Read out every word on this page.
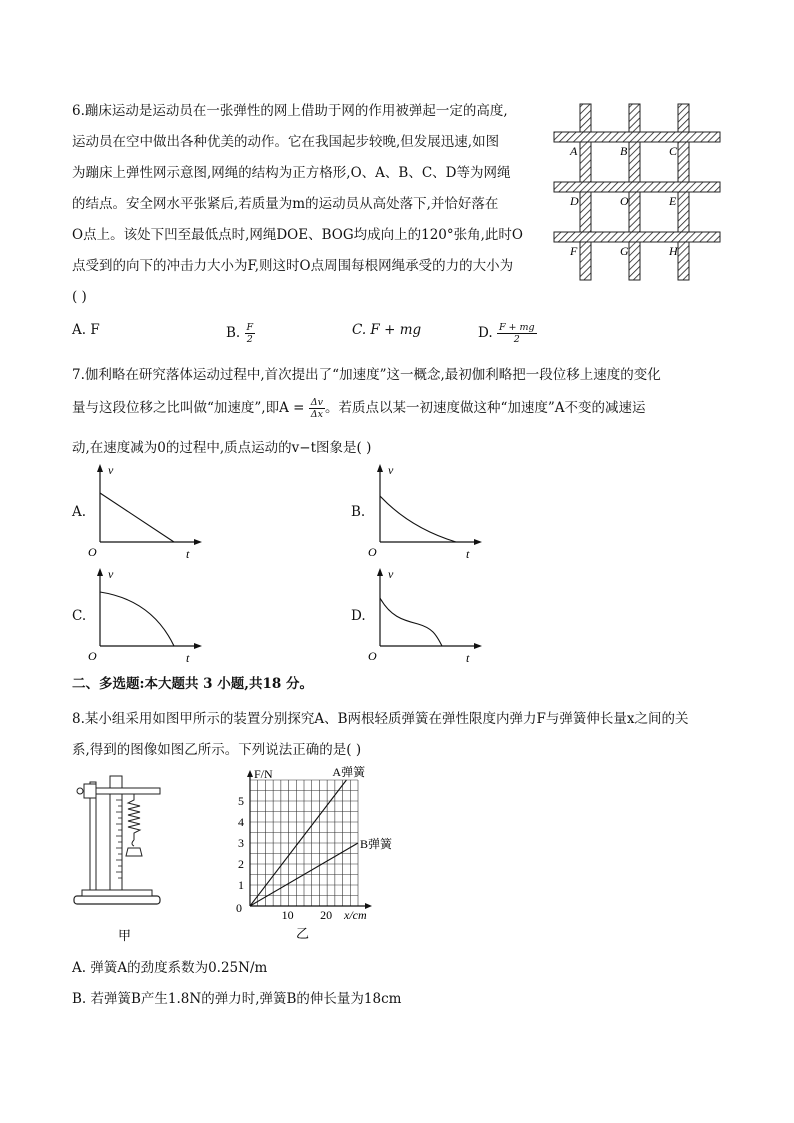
6.蹦床运动是运动员在一张弹性的网上借助于网的作用被弹起一定的高度,
运动员在空中做出各种优美的动作。它在我国起步较晚,但发展迅速,如图
为蹦床上弹性网示意图,网绳的结构为正方格形,O、A、B、C、D等为网绳
的结点。安全网水平张紧后,若质量为m的运动员从高处落下,并恰好落在
O点上。该处下凹至最低点时,网绳DOE、BOG均成向上的120°张角,此时O
点受到的向下的冲击力大小为F,则这时O点周围每根网绳承受的力的大小为
( )
A. F	B. $\frac{F}{2}$	C. F + mg	D. $\frac{F + mg}{2}$
A	B	C
D	O	E
F	G	H
7.伽利略在研究落体运动过程中,首次提出了“加速度”这一概念,最初伽利略把一段位移上速度的变化
量与这段位移之比叫做“加速度”,即$A = \frac{\Delta v}{\Delta x}$ 。若质点以某一初速度做这种“加速度”A不变的减速运
动,在速度减为0的过程中,质点运动的v−t图象是( )
A.
v
O	t
B.
v
O	t
C.
v
O	t
D.
v
O	t
二、多选题:本大题共 3 小题,共18 分。
8.某小组采用如图甲所示的装置分别探究A、B两根轻质弹簧在弹性限度内弹力F与弹簧伸长量x之间的关
系,得到的图像如图乙所示。下列说法正确的是( )
甲
A弹簧
B弹簧
10 20
1
2
3
4
5
0
F/N
x/cm
乙
A. 弹簧A的劲度系数为0.25N/m
B. 若弹簧B产生1.8N的弹力时,弹簧B的伸长量为18cm
